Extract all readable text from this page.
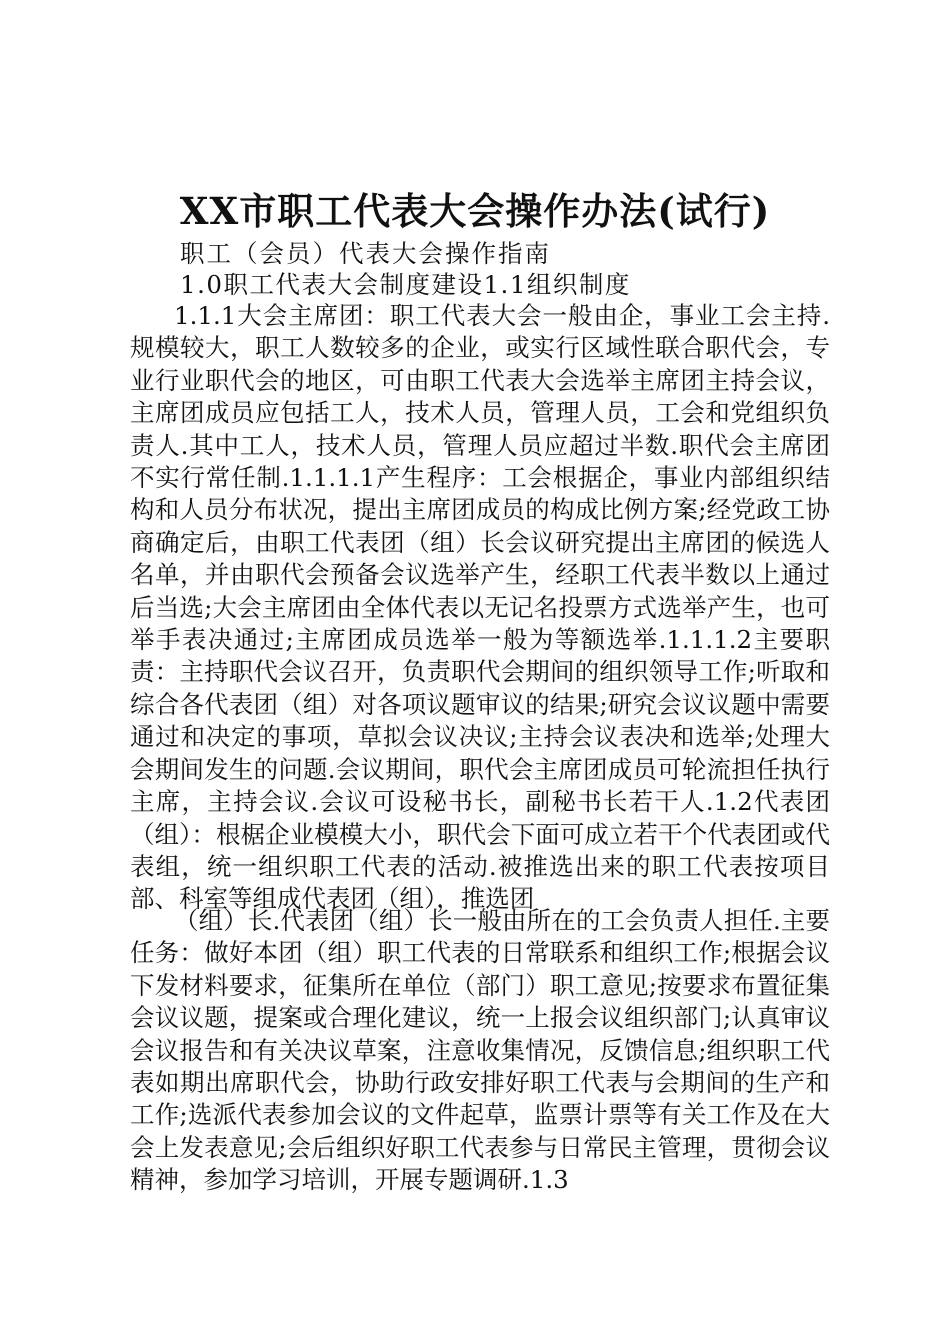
XX市职工代表大会操作办法(试行)
职工（会员）代表大会操作指南
1.0职工代表大会制度建设1.1组织制度
1.1.1大会主席团：职工代表大会一般由企，事业工会主持.规模较大，职工人数较多的企业，或实行区域性联合职代会，专业行业职代会的地区，可由职工代表大会选举主席团主持会议，主席团成员应包括工人，技术人员，管理人员，工会和党组织负责人.其中工人，技术人员，管理人员应超过半数.职代会主席团不实行常任制.1.1.1.1产生程序：工会根据企，事业内部组织结构和人员分布状况，提出主席团成员的构成比例方案;经党政工协商确定后，由职工代表团（组）长会议研究提出主席团的候选人名单，并由职代会预备会议选举产生，经职工代表半数以上通过后当选;大会主席团由全体代表以无记名投票方式选举产生，也可举手表决通过;主席团成员选举一般为等额选举.1.1.1.2主要职责：主持职代会议召开，负责职代会期间的组织领导工作;听取和综合各代表团（组）对各项议题审议的结果;研究会议议题中需要通过和决定的事项，草拟会议决议;主持会议表决和选举;处理大会期间发生的问题.会议期间，职代会主席团成员可轮流担任执行主席，主持会议.会议可设秘书长，副秘书长若干人.1.2代表团（组）：根椐企业模模大小，职代会下面可成立若干个代表团或代表组，统一组织职工代表的活动.被推选出来的职工代表按项目部、科室等组成代表团（组），推选团
（组）长.代表团（组）长一般由所在的工会负责人担任.主要任务：做好本团（组）职工代表的日常联系和组织工作;根据会议下发材料要求，征集所在单位（部门）职工意见;按要求布置征集会议议题，提案或合理化建议，统一上报会议组织部门;认真审议会议报告和有关决议草案，注意收集情况，反馈信息;组织职工代表如期出席职代会，协助行政安排好职工代表与会期间的生产和工作;选派代表参加会议的文件起草，监票计票等有关工作及在大会上发表意见;会后组织好职工代表参与日常民主管理，贯彻会议精神，参加学习培训，开展专题调研.1.3
